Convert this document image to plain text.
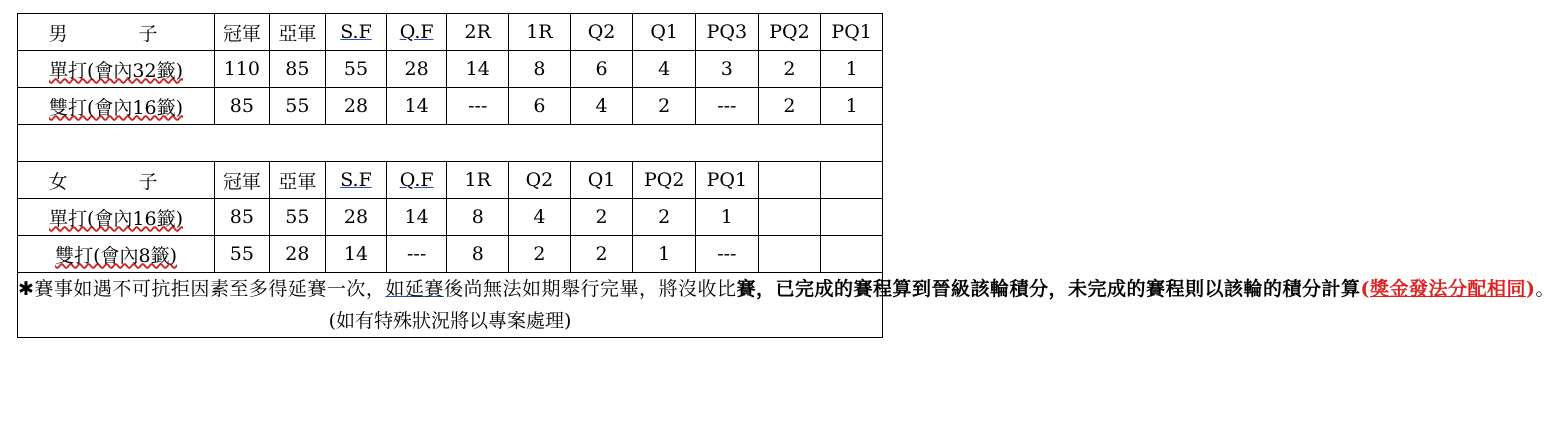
男　子	冠軍	亞軍	S.F	Q.F	2R	1R	Q2	Q1	PQ3	PQ2	PQ1
單打(會內32籤)	110	85	55	28	14	8	6	4	3	2	1
雙打(會內16籤)	85	55	28	14	---	6	4	2	---	2	1

女　子	冠軍	亞軍	S.F	Q.F	1R	Q2	Q1	PQ2	PQ1		
單打(會內16籤)	85	55	28	14	8	4	2	2	1		
雙打(會內8籤)	55	28	14	---	8	2	2	1	---		

✱賽事如遇不可抗拒因素至多得延賽一次，如延賽後尚無法如期舉行完畢，將沒收比賽，已完成的賽程算到晉級該輪積分，未完成的賽程則以該輪的積分計算(獎金發法分配相同)。
(如有特殊狀況將以專案處理)											
